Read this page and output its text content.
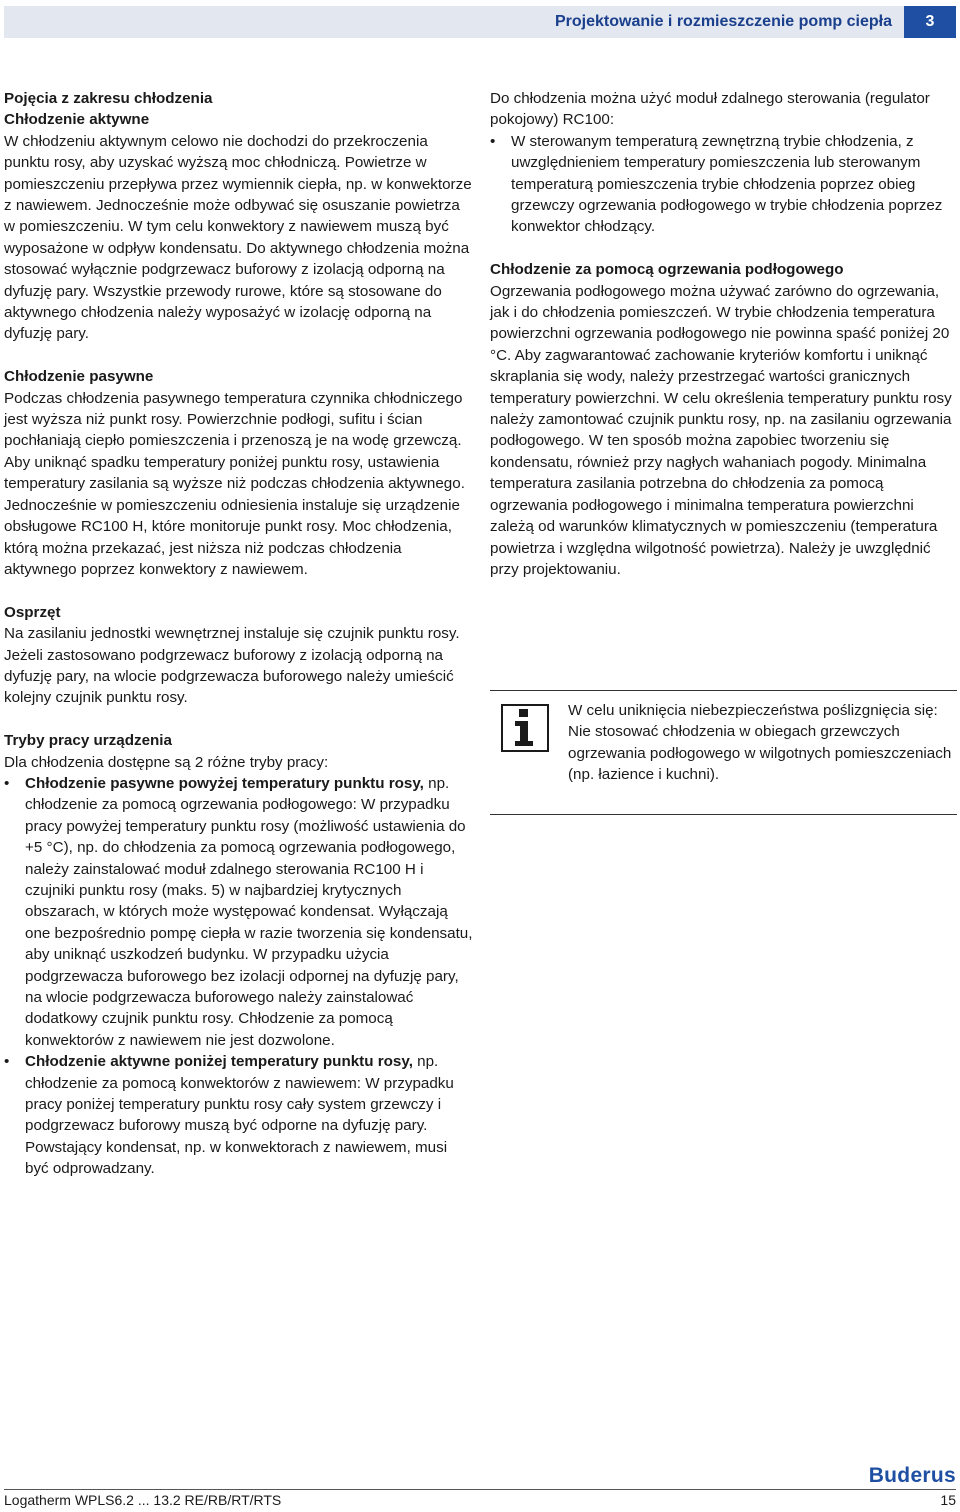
Projektowanie i rozmieszczenie pomp ciepła	3
Pojęcia z zakresu chłodzenia
Chłodzenie aktywne

W chłodzeniu aktywnym celowo nie dochodzi do przekroczenia punktu rosy, aby uzyskać wyższą moc chłodniczą. Powietrze w pomieszczeniu przepływa przez wymiennik ciepła, np. w konwektorze z nawiewem. Jednocześnie może odbywać się osuszanie powietrza w pomieszczeniu. W tym celu konwektory z nawiewem muszą być wyposażone w odpływ kondensatu. Do aktywnego chłodzenia można stosować wyłącznie podgrzewacz buforowy z izolacją odporną na dyfuzję pary. Wszystkie przewody rurowe, które są stosowane do aktywnego chłodzenia należy wyposażyć w izolację odporną na dyfuzję pary.

Chłodzenie pasywne

Podczas chłodzenia pasywnego temperatura czynnika chłodniczego jest wyższa niż punkt rosy. Powierzchnie podłogi, sufitu i ścian pochłaniają ciepło pomieszczenia i przenoszą je na wodę grzewczą. Aby uniknąć spadku temperatury poniżej punktu rosy, ustawienia temperatury zasilania są wyższe niż podczas chłodzenia aktywnego. Jednocześnie w pomieszczeniu odniesienia instaluje się urządzenie obsługowe RC100 H, które monitoruje punkt rosy. Moc chłodzenia, którą można przekazać, jest niższa niż podczas chłodzenia aktywnego poprzez konwektory z nawiewem.

Osprzęt

Na zasilaniu jednostki wewnętrznej instaluje się czujnik punktu rosy. Jeżeli zastosowano podgrzewacz buforowy z izolacją odporną na dyfuzję pary, na wlocie podgrzewacza buforowego należy umieścić kolejny czujnik punktu rosy.

Tryby pracy urządzenia

Dla chłodzenia dostępne są 2 różne tryby pracy:

• Chłodzenie pasywne powyżej temperatury punktu rosy, np. chłodzenie za pomocą ogrzewania podłogowego: W przypadku pracy powyżej temperatury punktu rosy (możliwość ustawienia do +5 °C), np. do chłodzenia za pomocą ogrzewania podłogowego, należy zainstalować moduł zdalnego sterowania RC100 H i czujniki punktu rosy (maks. 5) w najbardziej krytycznych obszarach, w których może występować kondensat. Wyłączają one bezpośrednio pompę ciepła w razie tworzenia się kondensatu, aby uniknąć uszkodzeń budynku. W przypadku użycia podgrzewacza buforowego bez izolacji odpornej na dyfuzję pary, na wlocie podgrzewacza buforowego należy zainstalować dodatkowy czujnik punktu rosy. Chłodzenie za pomocą konwektorów z nawiewem nie jest dozwolone.
• Chłodzenie aktywne poniżej temperatury punktu rosy, np. chłodzenie za pomocą konwektorów z nawiewem: W przypadku pracy poniżej temperatury punktu rosy cały system grzewczy i podgrzewacz buforowy muszą być odporne na dyfuzję pary. Powstający kondensat, np. w konwektorach z nawiewem, musi być odprowadzany.

Do chłodzenia można użyć moduł zdalnego sterowania (regulator pokojowy) RC100:

• W sterowanym temperaturą zewnętrzną trybie chłodzenia, z uwzględnieniem temperatury pomieszczenia lub sterowanym temperaturą pomieszczenia trybie chłodzenia poprzez obieg grzewczy ogrzewania podłogowego w trybie chłodzenia poprzez konwektor chłodzący.
Chłodzenie za pomocą ogrzewania podłogowego

Ogrzewania podłogowego można używać zarówno do ogrzewania, jak i do chłodzenia pomieszczeń. W trybie chłodzenia temperatura powierzchni ogrzewania podłogowego nie powinna spaść poniżej 20 °C. Aby zagwarantować zachowanie kryteriów komfortu i uniknąć skraplania się wody, należy przestrzegać wartości granicznych temperatury powierzchni. W celu określenia temperatury punktu rosy należy zamontować czujnik punktu rosy, np. na zasilaniu ogrzewania podłogowego. W ten sposób można zapobiec tworzeniu się kondensatu, również przy nagłych wahaniach pogody. Minimalna temperatura zasilania potrzebna do chłodzenia za pomocą ogrzewania podłogowego i minimalna temperatura powierzchni zależą od warunków klimatycznych w pomieszczeniu (temperatura powietrza i względna wilgotność powietrza). Należy je uwzględnić przy projektowaniu.

W celu uniknięcia niebezpieczeństwa poślizgnięcia się: Nie stosować chłodzenia w obiegach grzewczych ogrzewania podłogowego w wilgotnych pomieszczeniach (np. łazience i kuchni).
Buderus
Logatherm WPLS6.2 ... 13.2 RE/RB/RT/RTS	15
